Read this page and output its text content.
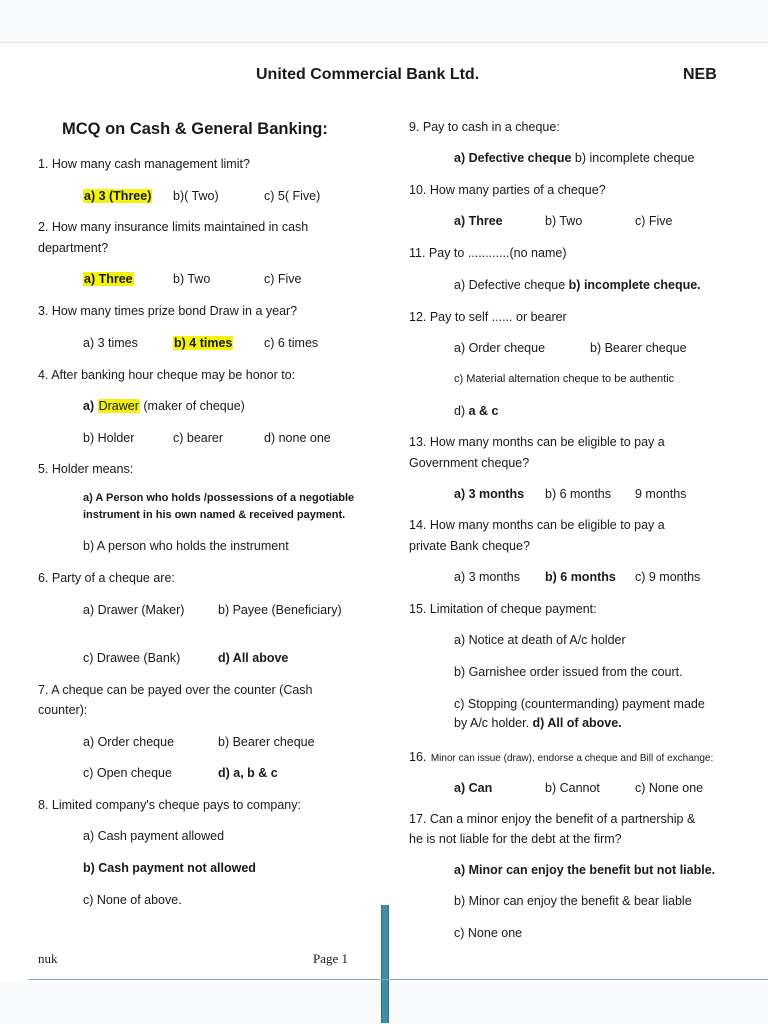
United Commercial Bank Ltd.	NEB
MCQ on Cash & General Banking:
1. How many cash management limit?
a) 3 (Three) b)( Two)	c) 5( Five)
2. How many insurance limits maintained in cash
department?
a) Three	b) Two	c) Five
3. How many times prize bond Draw in a year?
a) 3 times	b) 4 times	c) 6 times
4. After banking hour cheque may be honor to:
a) Drawer (maker of cheque)
b) Holder	c) bearer	d) none one
5. Holder means:
a) A Person who holds /possessions of a negotiable
instrument in his own named & received payment.
b) A person who holds the instrument
6. Party of a cheque are:
a) Drawer (Maker)	b) Payee (Beneficiary)
c) Drawee (Bank)	d) All above
7. A cheque can be payed over the counter (Cash
counter):
a) Order cheque	b) Bearer cheque
c) Open cheque	d) a, b & c
8. Limited company's cheque pays to company:
a) Cash payment allowed
b) Cash payment not allowed
c) None of above.
9. Pay to cash in a cheque:
a) Defective cheque b) incomplete cheque
10. How many parties of a cheque?
a) Three	b) Two	c) Five
11. Pay to ............(no name)
a) Defective cheque b) incomplete cheque.
12. Pay to self ...... or bearer
a) Order cheque	b) Bearer cheque
c) Material alternation cheque to be authentic
d) a & c
13. How many months can be eligible to pay a
Government cheque?
a) 3 months b) 6 months 9 months
14. How many months can be eligible to pay a
private Bank cheque?
a) 3 months b) 6 months c) 9 months
15. Limitation of cheque payment:
a) Notice at death of A/c holder
b) Garnishee order issued from the court.
c) Stopping (countermanding) payment made
by A/c holder. d) All of above.
16. Minor can issue (draw), endorse a cheque and Bill of exchange:
a) Can	b) Cannot	c) None one
17. Can a minor enjoy the benefit of a partnership &
he is not liable for the debt at the firm?
a) Minor can enjoy the benefit but not liable.
b) Minor can enjoy the benefit & bear liable
c) None one
nuk	Page 1
